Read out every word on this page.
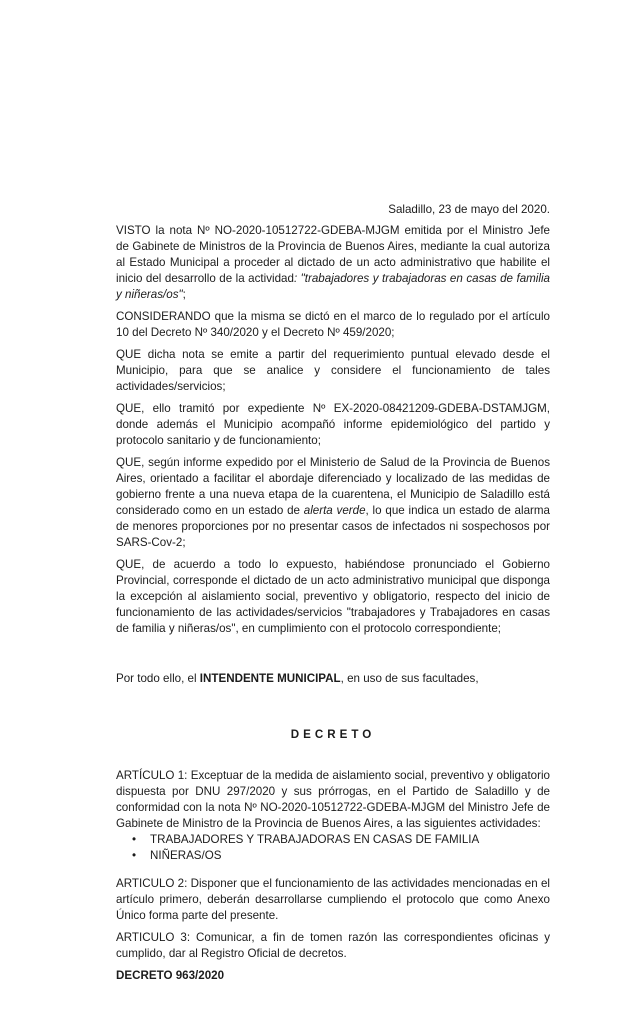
Saladillo, 23 de mayo del 2020.

VISTO la nota Nº NO-2020-10512722-GDEBA-MJGM emitida por el Ministro Jefe de Gabinete de Ministros de la Provincia de Buenos Aires, mediante la cual autoriza al Estado Municipal a proceder al dictado de un acto administrativo que habilite el inicio del desarrollo de la actividad: "trabajadores y trabajadoras en casas de familia y niñeras/os";

CONSIDERANDO que la misma se dictó en el marco de lo regulado por el artículo 10 del Decreto Nº 340/2020 y el Decreto Nº 459/2020;

QUE dicha nota se emite a partir del requerimiento puntual elevado desde el Municipio, para que se analice y considere el funcionamiento de tales actividades/servicios;

QUE, ello tramitó por expediente Nº EX-2020-08421209-GDEBA-DSTAMJGM, donde además el Municipio acompañó informe epidemiológico del partido y protocolo sanitario y de funcionamiento;

QUE, según informe expedido por el Ministerio de Salud de la Provincia de Buenos Aires, orientado a facilitar el abordaje diferenciado y localizado de las medidas de gobierno frente a una nueva etapa de la cuarentena, el Municipio de Saladillo está considerado como en un estado de alerta verde, lo que indica un estado de alarma de menores proporciones por no presentar casos de infectados ni sospechosos por SARS-Cov-2;

QUE, de acuerdo a todo lo expuesto, habiéndose pronunciado el Gobierno Provincial, corresponde el dictado de un acto administrativo municipal que disponga la excepción al aislamiento social, preventivo y obligatorio, respecto del inicio de funcionamiento de las actividades/servicios "trabajadores y Trabajadores en casas de familia y niñeras/os", en cumplimiento con el protocolo correspondiente;

Por todo ello, el INTENDENTE MUNICIPAL, en uso de sus facultades,

DECRETO

ARTÍCULO 1: Exceptuar de la medida de aislamiento social, preventivo y obligatorio dispuesta por DNU 297/2020 y sus prórrogas, en el Partido de Saladillo y de conformidad con la nota Nº NO-2020-10512722-GDEBA-MJGM del Ministro Jefe de Gabinete de Ministro de la Provincia de Buenos Aires, a las siguientes actividades:

• TRABAJADORES Y TRABAJADORAS EN CASAS DE FAMILIA
• NIÑERAS/OS

ARTICULO 2: Disponer que el funcionamiento de las actividades mencionadas en el artículo primero, deberán desarrollarse cumpliendo el protocolo que como Anexo Único forma parte del presente.

ARTICULO 3: Comunicar, a fin de tomen razón las correspondientes oficinas y cumplido, dar al Registro Oficial de decretos.

DECRETO 963/2020
